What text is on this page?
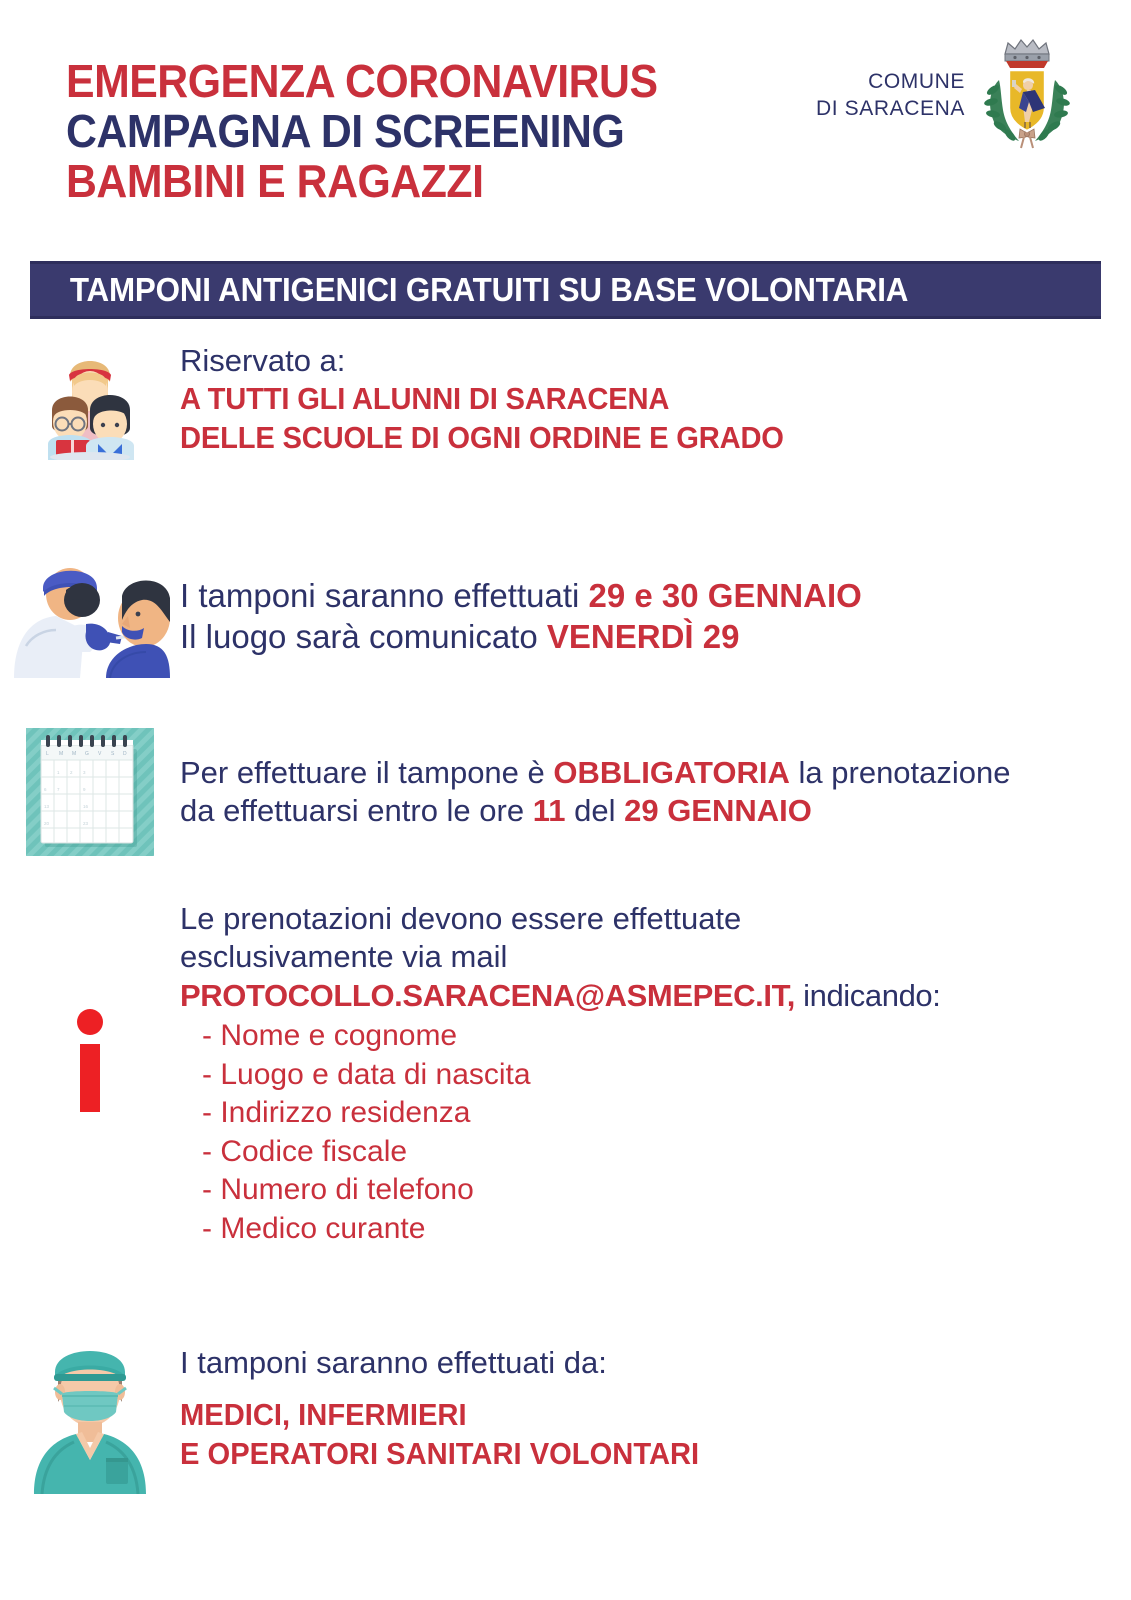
EMERGENZA CORONAVIRUS
CAMPAGNA DI SCREENING
BAMBINI E RAGAZZI
COMUNE
DI SARACENA
TAMPONI ANTIGENICI GRATUITI SU BASE VOLONTARIA
Riservato a:
A TUTTI GLI ALUNNI DI SARACENA
DELLE SCUOLE DI OGNI ORDINE E GRADO
I tamponi saranno effettuati 29 e 30 GENNAIO
Il luogo sarà comunicato VENERDÌ 29
L M M G V S D
1 2 3
6 7	9
13	16
20	23
Per effettuare il tampone è OBBLIGATORIA la prenotazione
da effettuarsi entro le ore 11 del 29 GENNAIO
Le prenotazioni devono essere effettuate
esclusivamente via mail
PROTOCOLLO.SARACENA@ASMEPEC.IT, indicando:
- Nome e cognome
- Luogo e data di nascita
- Indirizzo residenza
- Codice fiscale
- Numero di telefono
- Medico curante
I tamponi saranno effettuati da:
MEDICI, INFERMIERI
E OPERATORI SANITARI VOLONTARI
